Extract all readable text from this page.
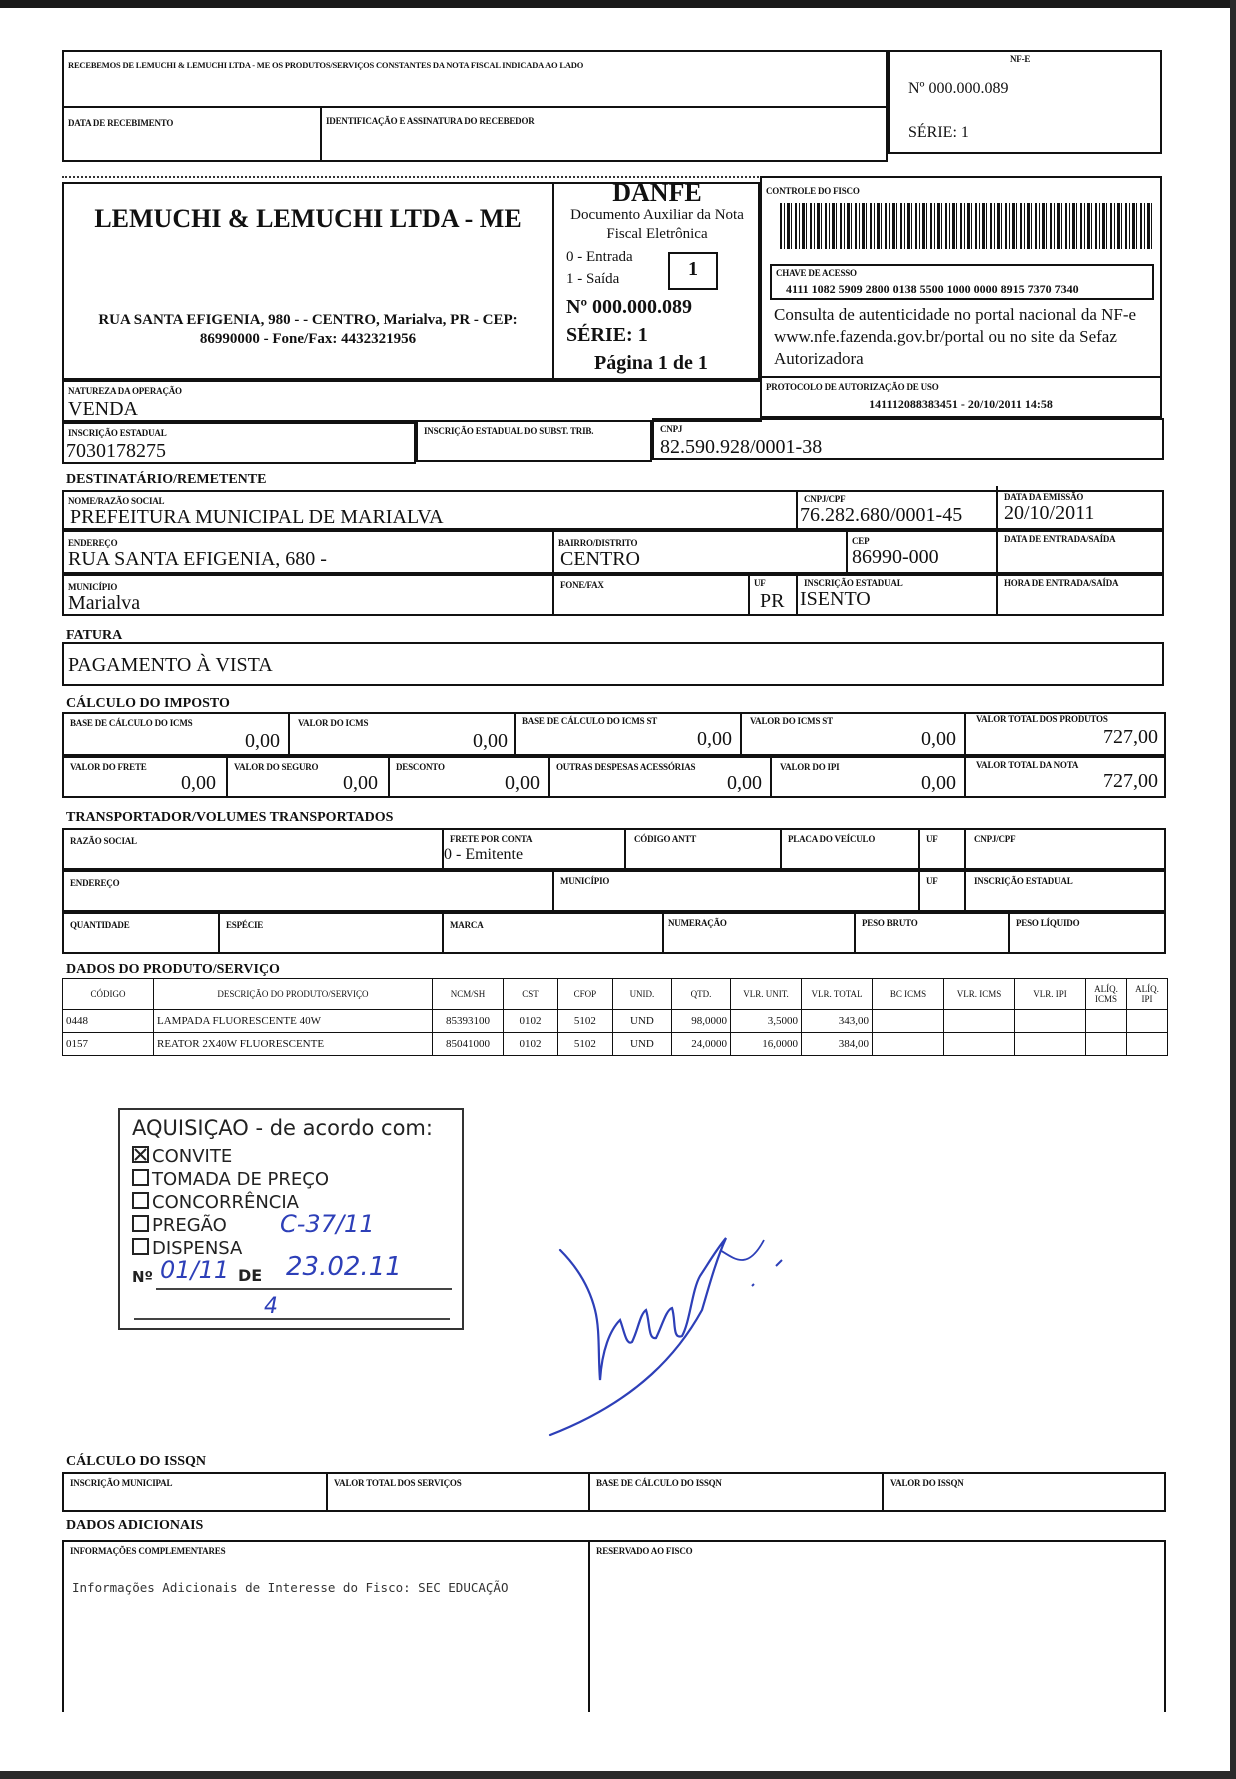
RECEBEMOS DE LEMUCHI & LEMUCHI LTDA - ME OS PRODUTOS/SERVIÇOS CONSTANTES DA NOTA FISCAL INDICADA AO LADO
DATA DE RECEBIMENTO	IDENTIFICAÇÃO E ASSINATURA DO RECEBEDOR
NF-E
Nº 000.000.089
SÉRIE: 1
LEMUCHI & LEMUCHI LTDA - ME
RUA SANTA EFIGENIA, 980 - - CENTRO, Marialva, PR - CEP: 86990000 - Fone/Fax: 4432321956
DANFE
Documento Auxiliar da Nota Fiscal Eletrônica
0 - Entrada
1 - Saída	1
Nº 000.000.089
SÉRIE: 1
Página 1 de 1
CONTROLE DO FISCO
CHAVE DE ACESSO
4111 1082 5909 2800 0138 5500 1000 0000 8915 7370 7340
Consulta de autenticidade no portal nacional da NF-e www.nfe.fazenda.gov.br/portal ou no site da Sefaz Autorizadora
NATUREZA DA OPERAÇÃO
VENDA
PROTOCOLO DE AUTORIZAÇÃO DE USO
141112088383451 - 20/10/2011 14:58
INSCRIÇÃO ESTADUAL
7030178275
INSCRIÇÃO ESTADUAL DO SUBST. TRIB.	CNPJ
82.590.928/0001-38
DESTINATÁRIO/REMETENTE
NOME/RAZÃO SOCIAL
PREFEITURA MUNICIPAL DE MARIALVA
CNPJ/CPF
76.282.680/0001-45
DATA DA EMISSÃO
20/10/2011
ENDEREÇO
RUA SANTA EFIGENIA, 680 -
BAIRRO/DISTRITO
CENTRO
CEP
86990-000
DATA DE ENTRADA/SAÍDA
MUNICÍPIO
Marialva
FONE/FAX	UF
PR
INSCRIÇÃO ESTADUAL
ISENTO
HORA DE ENTRADA/SAÍDA
FATURA
PAGAMENTO À VISTA
CÁLCULO DO IMPOSTO
BASE DE CÁLCULO DO ICMS
0,00
VALOR DO ICMS
0,00
BASE DE CÁLCULO DO ICMS ST
0,00
VALOR DO ICMS ST
0,00
VALOR TOTAL DOS PRODUTOS
727,00
VALOR DO FRETE
0,00
VALOR DO SEGURO
0,00
DESCONTO
0,00
OUTRAS DESPESAS ACESSÓRIAS
0,00
VALOR DO IPI
0,00
VALOR TOTAL DA NOTA
727,00
TRANSPORTADOR/VOLUMES TRANSPORTADOS
RAZÃO SOCIAL	FRETE POR CONTA
0 - Emitente
CÓDIGO ANTT	PLACA DO VEÍCULO	UF	CNPJ/CPF
ENDEREÇO	MUNICÍPIO	UF	INSCRIÇÃO ESTADUAL
QUANTIDADE	ESPÉCIE	MARCA	NUMERAÇÃO	PESO BRUTO	PESO LÍQUIDO
DADOS DO PRODUTO/SERVIÇO
CÓDIGO	DESCRIÇÃO DO PRODUTO/SERVIÇO	NCM/SH	CST	CFOP	UNID.	QTD.	VLR. UNIT.	VLR. TOTAL	BC ICMS	VLR. ICMS	VLR. IPI	ALÍQ. ICMS	ALÍQ. IPI
0448	LAMPADA FLUORESCENTE 40W	85393100	0102	5102	UND	98,0000	3,5000	343,00					
0157	REATOR 2X40W FLUORESCENTE	85041000	0102	5102	UND	24,0000	16,0000	384,00					
AQUISIÇAO - de acordo com:
CONVITE
TOMADA DE PREÇO
CONCORRÊNCIA
PREGÃO
DISPENSA
Nº	DE
C-37/11
01/11 23.02.11
4
CÁLCULO DO ISSQN
INSCRIÇÃO MUNICIPAL	VALOR TOTAL DOS SERVIÇOS	BASE DE CÁLCULO DO ISSQN	VALOR DO ISSQN
DADOS ADICIONAIS
INFORMAÇÕES COMPLEMENTARES
Informações Adicionais de Interesse do Fisco: SEC EDUCAÇÃO
RESERVADO AO FISCO
